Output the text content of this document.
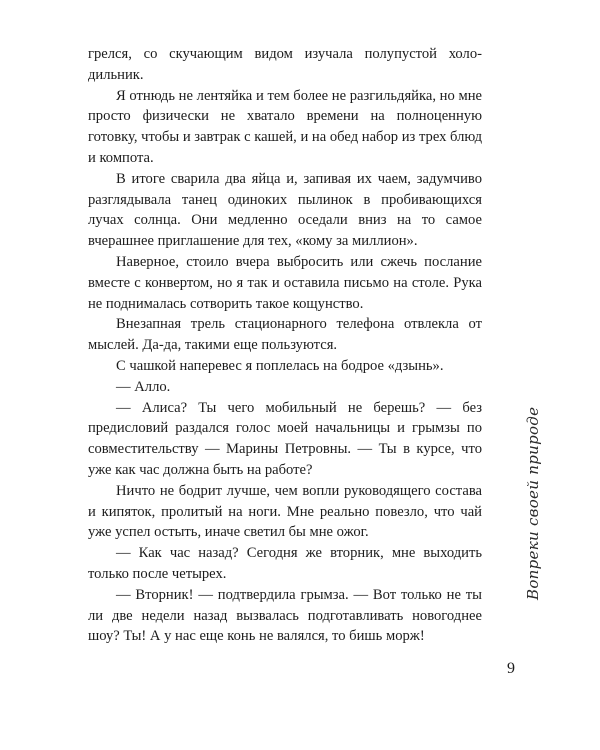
грелся, со скучающим видом изучала полупустой холодильник.

Я отнюдь не лентяйка и тем более не разгильдяйка, но мне просто физически не хватало времени на полноценную готовку, чтобы и завтрак с кашей, и на обед набор из трех блюд и компота.

В итоге сварила два яйца и, запивая их чаем, задумчиво разглядывала танец одиноких пылинок в пробивающихся лучах солнца. Они медленно оседали вниз на то самое вчерашнее приглашение для тех, «кому за миллион».

Наверное, стоило вчера выбросить или сжечь послание вместе с конвертом, но я так и оставила письмо на столе. Рука не поднималась сотворить такое кощунство.

Внезапная трель стационарного телефона отвлекла от мыслей. Да-да, такими еще пользуются.

С чашкой наперевес я поплелась на бодрое «дзынь».

— Алло.

— Алиса? Ты чего мобильный не берешь? — без предисловий раздался голос моей начальницы и грымзы по совместительству — Марины Петровны. — Ты в курсе, что уже как час должна быть на работе?

Ничто не бодрит лучше, чем вопли руководящего состава и кипяток, пролитый на ноги. Мне реально повезло, что чай уже успел остыть, иначе светил бы мне ожог.

— Как час назад? Сегодня же вторник, мне выходить только после четырех.

— Вторник! — подтвердила грымза. — Вот только не ты ли две недели назад вызвалась подготавливать новогоднее шоу? Ты! А у нас еще конь не валялся, то бишь морж!

Вопреки своей природе
9
